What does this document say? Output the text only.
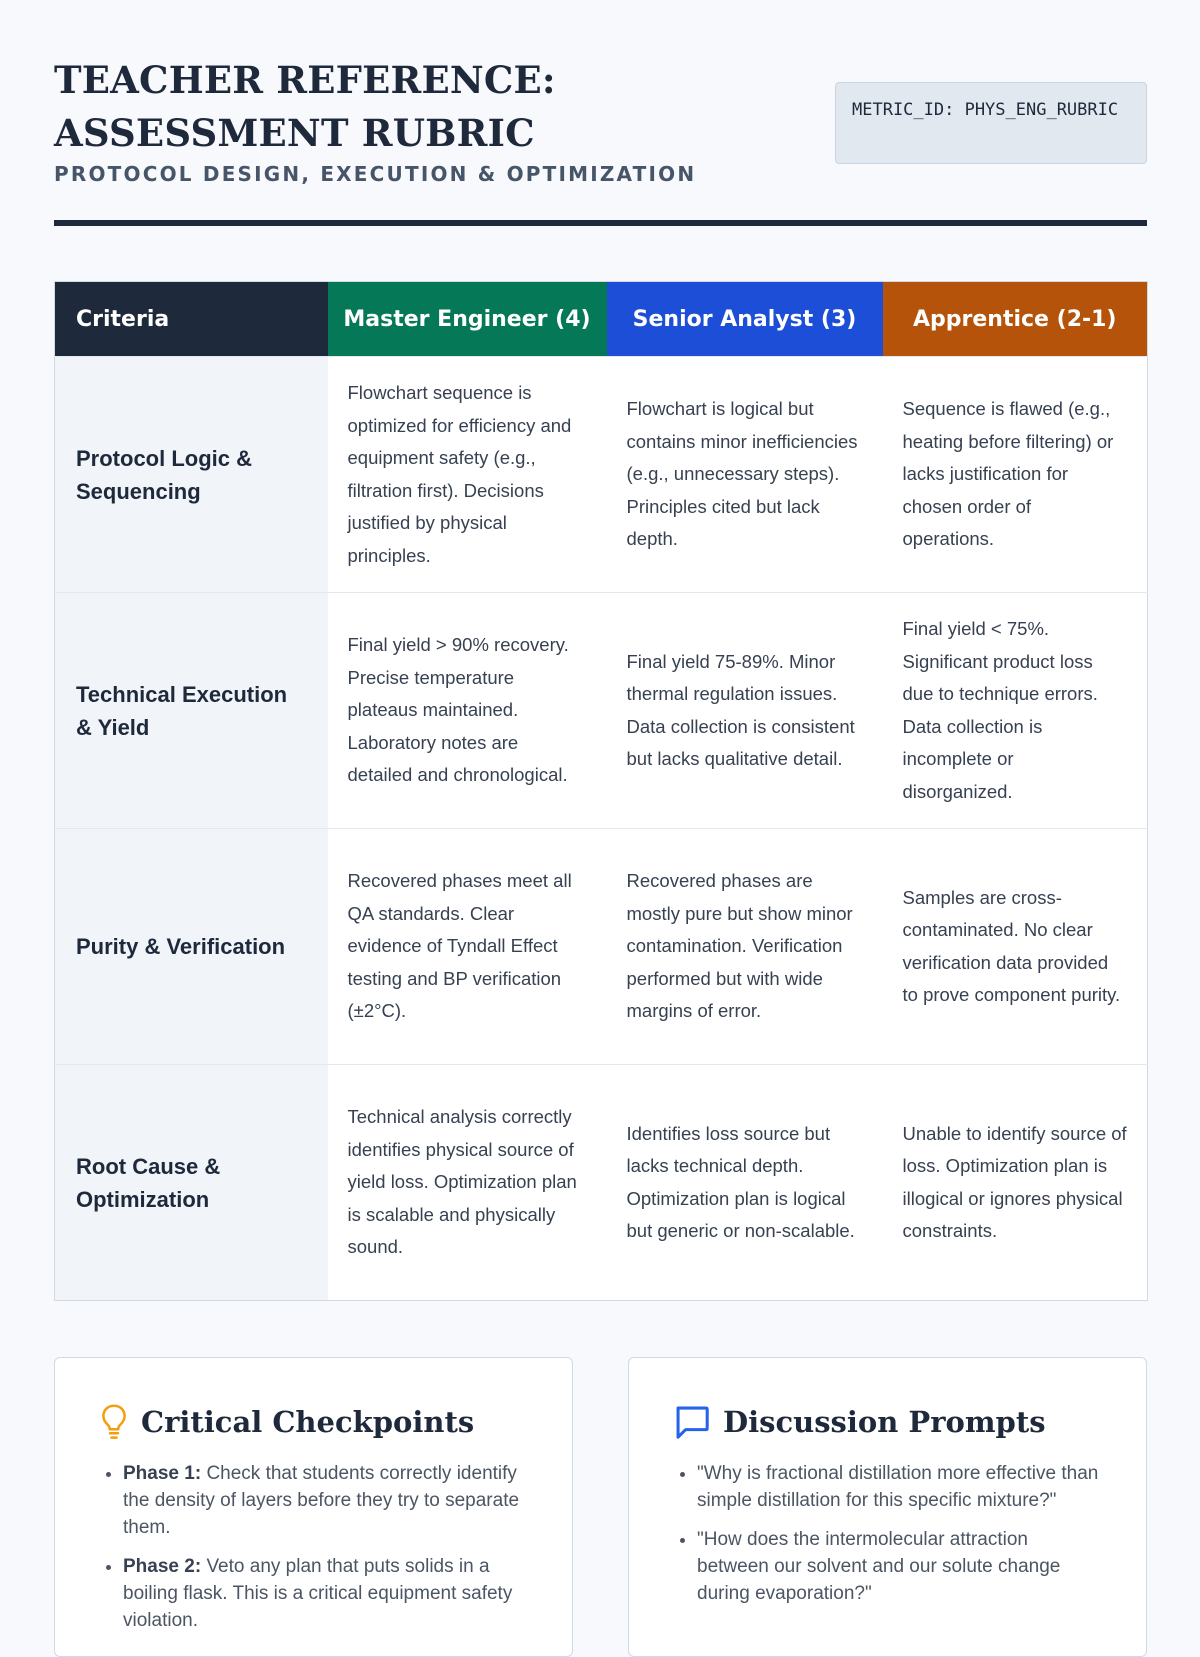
TEACHER REFERENCE: ASSESSMENT RUBRIC

PROTOCOL DESIGN, EXECUTION & OPTIMIZATION

METRIC_ID: PHYS_ENG_RUBRIC
Criteria	Master Engineer (4)	Senior Analyst (3)	Apprentice (2-1)
Protocol Logic & Sequencing	Flowchart sequence is optimized for efficiency and equipment safety (e.g., filtration first). Decisions justified by physical principles.	Flowchart is logical but contains minor inefficiencies (e.g., unnecessary steps). Principles cited but lack depth.	Sequence is flawed (e.g., heating before filtering) or lacks justification for chosen order of operations.
Technical Execution & Yield	Final yield > 90% recovery. Precise temperature plateaus maintained. Laboratory notes are detailed and chronological.	Final yield 75-89%. Minor thermal regulation issues. Data collection is consistent but lacks qualitative detail.	Final yield < 75%. Significant product loss due to technique errors. Data collection is incomplete or disorganized.
Purity & Verification	Recovered phases meet all QA standards. Clear evidence of Tyndall Effect testing and BP verification (±2°C).	Recovered phases are mostly pure but show minor contamination. Verification performed but with wide margins of error.	Samples are cross-contaminated. No clear verification data provided to prove component purity.
Root Cause & Optimization	Technical analysis correctly identifies physical source of yield loss. Optimization plan is scalable and physically sound.	Identifies loss source but lacks technical depth. Optimization plan is logical but generic or non-scalable.	Unable to identify source of loss. Optimization plan is illogical or ignores physical constraints.
Critical Checkpoints
• Phase 1: Check that students correctly identify the density of layers before they try to separate them.
• Phase 2: Veto any plan that puts solids in a boiling flask. This is a critical equipment safety violation.
Discussion Prompts
• "Why is fractional distillation more effective than simple distillation for this specific mixture?"
• "How does the intermolecular attraction between our solvent and our solute change during evaporation?"
